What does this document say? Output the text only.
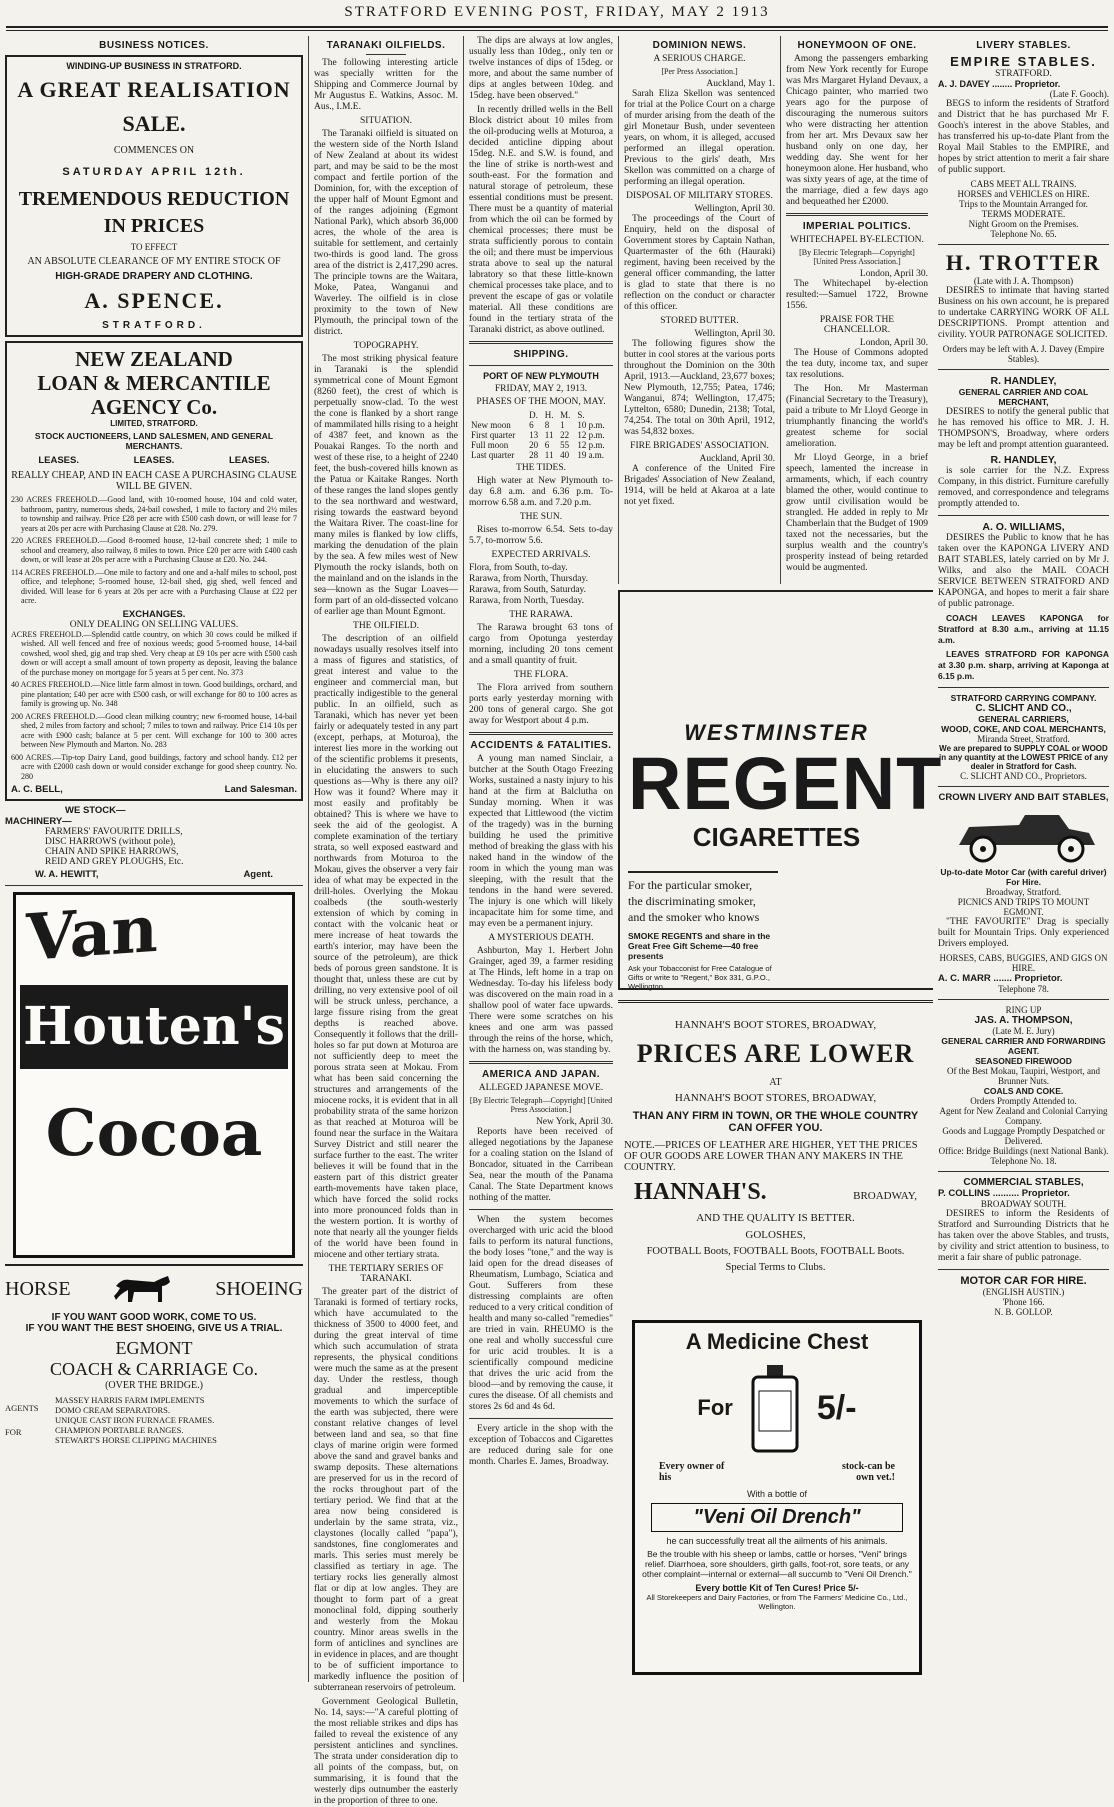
STRATFORD EVENING POST, FRIDAY, MAY 2 1913
BUSINESS NOTICES.
WINDING-UP BUSINESS IN STRATFORD.
A GREAT REALISATION
SALE.
COMMENCES ON
SATURDAY APRIL 12th.
TREMENDOUS REDUCTION
IN PRICES
TO EFFECT
AN ABSOLUTE CLEARANCE OF MY ENTIRE STOCK OF
HIGH-GRADE DRAPERY AND CLOTHING.
A. SPENCE.
STRATFORD.
NEW ZEALAND
LOAN & MERCANTILE
AGENCY Co.
LIMITED, STRATFORD.
STOCK AUCTIONEERS, LAND SALESMEN, AND GENERAL MERCHANTS.
LEASES.	LEASES.	LEASES.
REALLY CHEAP, AND IN EACH CASE A PURCHASING CLAUSE WILL BE GIVEN.

230 ACRES FREEHOLD.—Good land, with 10-roomed house, 104 and cold water, bathroom, pantry, numerous sheds, 24-bail cowshed, 1 mile to factory and 2½ miles to township and railway. Price £28 per acre with £500 cash down, or will lease for 7 years at 20s per acre with Purchasing Clause at £28. No. 279.

220 ACRES FREEHOLD.—Good 8-roomed house, 12-bail concrete shed; 1 mile to school and creamery, also railway, 8 miles to town. Price £20 per acre with £400 cash down, or will lease at 20s per acre with a Purchasing Clause at £20. No. 244.

114 ACRES FREEHOLD.—One mile to factory and one and a-half miles to school, post office, and telephone; 5-roomed house, 12-bail shed, gig shed, well fenced and divided. Will lease for 6 years at 20s per acre with a Purchasing Clause at £22 per acre.

EXCHANGES.
ONLY DEALING ON SELLING VALUES.

ACRES FREEHOLD.—Splendid cattle country, on which 30 cows could be milked if wished. All well fenced and free of noxious weeds; good 5-roomed house, 14-bail cowshed, wool shed, gig and trap shed. Very cheap at £9 10s per acre with £500 cash down or will accept a small amount of town property as deposit, leaving the balance of the purchase money on mortgage for 5 years at 5 per cent. No. 373

40 ACRES FREEHOLD.—Nice little farm almost in town. Good buildings, orchard, and pine plantation; £40 per acre with £500 cash, or will exchange for 80 to 100 acres as family is growing up. No. 348

200 ACRES FREEHOLD.—Good clean milking country; new 6-roomed house, 14-bail shed, 2 miles from factory and school; 7 miles to town and railway. Price £14 10s per acre with £900 cash; balance at 5 per cent. Will exchange for 100 to 300 acres between New Plymouth and Marton. No. 283

600 ACRES.—Tip-top Dairy Land, good buildings, factory and school handy. £12 per acre with £2000 cash down or would consider exchange for good sheep country. No. 280

A. C. BELL,	Land Salesman.
WE STOCK—
MACHINERY—
FARMERS' FAVOURITE DRILLS,
DISC HARROWS (without pole),
CHAIN AND SPIKE HARROWS,
REID AND GREY PLOUGHS, Etc.
W. A. HEWITT,	Agent.
Van
Houten's
Cocoa
HORSE	SHOEING
IF YOU WANT GOOD WORK, COME TO US.
IF YOU WANT THE BEST SHOEING, GIVE US A TRIAL.
EGMONT
COACH & CARRIAGE Co.
(OVER THE BRIDGE.)
AGENTS
FOR
MASSEY HARRIS FARM IMPLEMENTS
DOMO CREAM SEPARATORS.
UNIQUE CAST IRON FURNACE FRAMES.
CHAMPION PORTABLE RANGES.
STEWART'S HORSE CLIPPING MACHINES
TARANAKI OILFIELDS.

The following interesting article was specially written for the Shipping and Commerce Journal by Mr Augustus E. Watkins, Assoc. M. Aus., I.M.E.

SITUATION.

The Taranaki oilfield is situated on the western side of the North Island of New Zealand at about its widest part, and may be said to be the most compact and fertile portion of the Dominion, for, with the exception of the upper half of Mount Egmont and of the ranges adjoining (Egmont National Park), which absorb 36,000 acres, the whole of the area is suitable for settlement, and certainly two-thirds is good land. The gross area of the district is 2,417,290 acres. The principle towns are the Waitara, Moke, Patea, Wanganui and Waverley. The oilfield is in close proximity to the town of New Plymouth, the principal town of the district.

TOPOGRAPHY.

The most striking physical feature in Taranaki is the splendid symmetrical cone of Mount Egmont (8260 feet), the crest of which is perpetually snow-clad. To the west the cone is flanked by a short range of mammilated hills rising to a height of 4387 feet, and known as the Pouakai Ranges. To the north and west of these rise, to a height of 2240 feet, the bush-covered hills known as the Patua or Kaitake Ranges. North of these ranges the land slopes gently to the sea northward and westward, rising towards the eastward beyond the Waitara River. The coast-line for many miles is flanked by low cliffs, marking the denudation of the plain by the sea. A few miles west of New Plymouth the rocky islands, both on the mainland and on the islands in the sea—known as the Sugar Loaves—form part of an old-dissected volcano of earlier age than Mount Egmont.

THE OILFIELD.

The description of an oilfield nowadays usually resolves itself into a mass of figures and statistics, of great interest and value to the engineer and commercial man, but practically indigestible to the general public. In an oilfield, such as Taranaki, which has never yet been fairly or adequately tested in any part (except, perhaps, at Moturoa), the interest lies more in the working out of the scientific problems it presents, in elucidating the answers to such questions as—Why is there any oil? How was it found? Where may it most easily and profitably be obtained? This is where we have to seek the aid of the geologist. A complete examination of the tertiary strata, so well exposed eastward and northwards from Moturoa to the Mokau, gives the observer a very fair idea of what may be expected in the drill-holes. Overlying the Mokau coalbeds (the south-westerly extension of which by coming in contact with the volcanic heat or mere increase of heat towards the earth's interior, may have been the source of the petroleum), are thick beds of porous green sandstone. It is thought that, unless these are cut by drilling, no very extensive pool of oil will be struck unless, perchance, a large fissure rising from the great depths is reached above. Consequently it follows that the drill-holes so far put down at Moturoa are not sufficiently deep to meet the porous strata seen at Mokau. From what has been said concerning the structures and arrangements of the miocene rocks, it is evident that in all probability strata of the same horizon as that reached at Moturoa will be found near the surface in the Waitara Survey District and still nearer the surface further to the east. The writer believes it will be found that in the eastern part of this district greater earth-movements have taken place, which have forced the solid rocks into more pronounced folds than in the western portion. It is worthy of note that nearly all the younger fields of the world have been found in miocene and other tertiary strata.

THE TERTIARY SERIES OF TARANAKI.

The greater part of the district of Taranaki is formed of tertiary rocks, which have accumulated to the thickness of 3500 to 4000 feet, and during the great interval of time which such accumulation of strata represents, the physical conditions were much the same as at the present day. Under the restless, though gradual and imperceptible movements to which the surface of the earth was subjected, there were constant relative changes of level between land and sea, so that fine clays of marine origin were formed above the sand and gravel banks and swamp deposits. These alternations are preserved for us in the record of the rocks throughout part of the tertiary period. We find that at the area now being considered is underlain by the same strata, viz., claystones (locally called "papa"), sandstones, fine conglomerates and marls. This series must merely be classified as tertiary in age. The tertiary rocks lies generally almost flat or dip at low angles. They are thought to form part of a great monoclinal fold, dipping southerly and westerly from the Mokau country. Minor areas swells in the form of anticlines and synclines are in evidence in places, and are thought to be of sufficient importance to markedly influence the position of subterranean reservoirs of petroleum.

Government Geological Bulletin, No. 14, says:—"A careful plotting of the most reliable strikes and dips has failed to reveal the existence of any persistent anticlines and synclines. The strata under consideration dip to all points of the compass, but, on summarising, it is found that the westerly dips outnumber the easterly in the proportion of three to one.

The dips are always at low angles, usually less than 10deg., only ten or twelve instances of dips of 15deg. or more, and about the same number of dips at angles between 10deg. and 15deg. have been observed."

In recently drilled wells in the Bell Block district about 10 miles from the oil-producing wells at Moturoa, a decided anticline dipping about 15deg. N.E. and S.W. is found, and the line of strike is north-west and south-east. For the formation and natural storage of petroleum, these essential conditions must be present. There must be a quantity of material from which the oil can be formed by chemical processes; there must be strata sufficiently porous to contain the oil; and there must be impervious strata above to seal up the natural labratory so that these little-known chemical processes take place, and to prevent the escape of gas or volatile material. All these conditions are found in the tertiary strata of the Taranaki district, as above outlined.

SHIPPING.
PORT OF NEW PLYMOUTH
FRIDAY, MAY 2, 1913.
PHASES OF THE MOON, MAY.
	D.	H.	M.	S.
New moon	6	8	1	10 p.m.
First quarter	13	11	22	12 p.m.
Full moon	20	6	55	12 p.m.
Last quarter	28	11	40	19 a.m.
THE TIDES.

High water at New Plymouth to-day 6.8 a.m. and 6.36 p.m. To-morrow 6.58 a.m. and 7.20 p.m.

THE SUN.

Rises to-morrow 6.54. Sets to-day 5.7, to-morrow 5.6.

EXPECTED ARRIVALS.
Flora, from South, to-day.
Rarawa, from North, Thursday.
Rarawa, from South, Saturday.
Rarawa, from North, Tuesday.
THE RARAWA.

The Rarawa brought 63 tons of cargo from Opotunga yesterday morning, including 20 tons cement and a small quantity of fruit.

THE FLORA.

The Flora arrived from southern ports early yesterday morning with 200 tons of general cargo. She got away for Westport about 4 p.m.

ACCIDENTS & FATALITIES.

A young man named Sinclair, a butcher at the South Otago Freezing Works, sustained a nasty injury to his hand at the firm at Balclutha on Sunday morning. When it was expected that Littlewood (the victim of the tragedy) was in the burning building he used the primitive method of breaking the glass with his naked hand in the window of the room in which the young man was sleeping, with the result that the tendons in the hand were severed. The injury is one which will likely incapacitate him for some time, and may even be a permanent injury.

A MYSTERIOUS DEATH.

Ashburton, May 1. Herbert John Grainger, aged 39, a farmer residing at The Hinds, left home in a trap on Wednesday. To-day his lifeless body was discovered on the main road in a shallow pool of water face upwards. There were some scratches on his knees and one arm was passed through the reins of the horse, which, with the harness on, was standing by.

AMERICA AND JAPAN.
ALLEGED JAPANESE MOVE.
[By Electric Telegraph—Copyright] [United Press Association.]
New York, April 30.

Reports have been received of alleged negotiations by the Japanese for a coaling station on the Island of Boncador, situated in the Carribean Sea, near the mouth of the Panama Canal. The State Department knows nothing of the matter.

When the system becomes overcharged with uric acid the blood fails to perform its natural functions, the body loses "tone," and the way is laid open for the dread diseases of Rheumatism, Lumbago, Sciatica and Gout. Sufferers from these distressing complaints are often reduced to a very critical condition of health and many so-called "remedies" are tried in vain. RHEUMO is the one real and wholly successful cure for uric acid troubles. It is a scientifically compound medicine that drives the uric acid from the blood—and by removing the cause, it cures the disease. Of all chemists and stores 2s 6d and 4s 6d.

Every article in the shop with the exception of Tobaccos and Cigarettes are reduced during sale for one month. Charles E. James, Broadway.

DOMINION NEWS.
A SERIOUS CHARGE.
[Per Press Association.]
Auckland, May 1.

Sarah Eliza Skellon was sentenced for trial at the Police Court on a charge of murder arising from the death of the girl Monetaur Bush, under seventeen years, on whom, it is alleged, accused performed an illegal operation. Previous to the girls' death, Mrs Skellon was committed on a charge of performing an illegal operation.

DISPOSAL OF MILITARY STORES.
Wellington, April 30.

The proceedings of the Court of Enquiry, held on the disposal of Government stores by Captain Nathan, Quartermaster of the 6th (Hauraki) regiment, having been received by the general officer commanding, the latter is glad to state that there is no reflection on the conduct or character of this officer.

STORED BUTTER.
Wellington, April 30.

The following figures show the butter in cool stores at the various ports throughout the Dominion on the 30th April, 1913.—Auckland, 23,677 boxes; New Plymouth, 12,755; Patea, 1746; Wanganui, 874; Wellington, 17,475; Lyttelton, 6580; Dunedin, 2138; Total, 74,254. The total on 30th April, 1912, was 54,832 boxes.

FIRE BRIGADES' ASSOCIATION.
Auckland, April 30.

A conference of the United Fire Brigades' Association of New Zealand, 1914, will be held at Akaroa at a late not yet fixed.

HONEYMOON OF ONE.

Among the passengers embarking from New York recently for Europe was Mrs Margaret Hyland Devaux, a Chicago painter, who married two years ago for the purpose of discouraging the numerous suitors who were distracting her attention from her art. Mrs Devaux saw her husband only on one day, her wedding day. She went for her honeymoon alone. Her husband, who was sixty years of age, at the time of the marriage, died a few days ago and bequeathed her £2000.

IMPERIAL POLITICS.
WHITECHAPEL BY-ELECTION.
[By Electric Telegraph—Copyright] [United Press Association.]
London, April 30.

The Whitechapel by-election resulted:—Samuel 1722, Browne 1556.

PRAISE FOR THE CHANCELLOR.
London, April 30.

The House of Commons adopted the tea duty, income tax, and super tax resolutions.

The Hon. Mr Masterman (Financial Secretary to the Treasury), paid a tribute to Mr Lloyd George in triumphantly financing the world's greatest scheme for social amelioration.

Mr Lloyd George, in a brief speech, lamented the increase in armaments, which, if each country blamed the other, would continue to grow until civilisation would be strangled. He added in reply to Mr Chamberlain that the Budget of 1909 taxed not the necessaries, but the surplus wealth and the country's prosperity instead of being retarded would be augmented.

WESTMINSTER
REGENT
CIGARETTES
For the particular smoker,
the discriminating smoker,
and the smoker who knows
SMOKE REGENTS and share in the Great Free Gift Scheme—40 free presents
Ask your Tobacconist for Free Catalogue of Gifts or write to "Regent," Box 331, G.P.O., Wellington.
HANNAH'S BOOT STORES, BROADWAY,
PRICES ARE LOWER
AT
HANNAH'S BOOT STORES, BROADWAY,
THAN ANY FIRM IN TOWN, OR THE WHOLE COUNTRY CAN OFFER YOU.
NOTE.—PRICES OF LEATHER ARE HIGHER, YET THE PRICES OF OUR GOODS ARE LOWER THAN ANY MAKERS IN THE COUNTRY.
HANNAH'S.	BROADWAY,
AND THE QUALITY IS BETTER.
GOLOSHES,
FOOTBALL Boots, FOOTBALL Boots, FOOTBALL Boots.
Special Terms to Clubs.
A Medicine Chest
For 5/-
Every owner of his
stock-can be own vet.!
With a bottle of
"Veni Oil Drench"
he can successfully treat all the ailments of his animals.
Be the trouble with his sheep or lambs, cattle or horses, "Veni" brings relief. Diarrhoea, sore shoulders, girth galls, foot-rot, sore teats, or any other complaint—internal or external—all succumb to "Veni Oil Drench."
Every bottle Kit of Ten Cures! Price 5/-
All Storekeepers and Dairy Factories, or from The Farmers' Medicine Co., Ltd., Wellington.
LIVERY STABLES.
EMPIRE STABLES.
STRATFORD.
A. J. DAVEY ........ Proprietor.
(Late F. Gooch).

BEGS to inform the residents of Stratford and District that he has purchased Mr F. Gooch's interest in the above Stables, and has transferred his up-to-date Plant from the Royal Mail Stables to the EMPIRE, and hopes by strict attention to merit a fair share of public support.

CABS MEET ALL TRAINS.
HORSES and VEHICLES on HIRE.
Trips to the Mountain Arranged for.
TERMS MODERATE.
Night Groom on the Premises.
Telephone No. 65.
H. TROTTER
(Late with J. A. Thompson)

DESIRES to intimate that having started Business on his own account, he is prepared to undertake CARRYING WORK OF ALL DESCRIPTIONS. Prompt attention and civility. YOUR PATRONAGE SOLICITED.

Orders may be left with A. J. Davey (Empire Stables).
R. HANDLEY,
GENERAL CARRIER AND COAL MERCHANT,

DESIRES to notify the general public that he has removed his office to MR. J. H. THOMPSON'S, Broadway, where orders may be left and prompt attention guaranteed.

R. HANDLEY,

is sole carrier for the N.Z. Express Company, in this district. Furniture carefully removed, and correspondence and telegrams promptly attended to.

A. O. WILLIAMS,

DESIRES the Public to know that he has taken over the KAPONGA LIVERY AND BAIT STABLES, lately carried on by Mr J. Wilks, and also the MAIL COACH SERVICE BETWEEN STRATFORD AND KAPONGA, and hopes to merit a fair share of public patronage.

COACH LEAVES KAPONGA for Stratford at 8.30 a.m., arriving at 11.15 a.m.

LEAVES STRATFORD FOR KAPONGA at 3.30 p.m. sharp, arriving at Kaponga at 6.15 p.m.

STRATFORD CARRYING COMPANY.
C. SLICHT AND CO.,
GENERAL CARRIERS,
WOOD, COKE, AND COAL MERCHANTS,
Miranda Street, Stratford.
We are prepared to SUPPLY COAL or WOOD in any quantity at the LOWEST PRICE of any dealer in Stratford for Cash.
C. SLICHT AND CO., Proprietors.
CROWN LIVERY AND BAIT STABLES,
Up-to-date Motor Car (with careful driver) For Hire.
Broadway, Stratford.
PICNICS AND TRIPS TO MOUNT EGMONT.

"THE FAVOURITE" Drag is specially built for Mountain Trips. Only experienced Drivers employed.

HORSES, CABS, BUGGIES, AND GIGS ON HIRE.
A. C. MARR ....... Proprietor.
Telephone 78.
RING UP
JAS. A. THOMPSON,
(Late M. E. Jury)
GENERAL CARRIER AND FORWARDING AGENT.
SEASONED FIREWOOD
Of the Best Mokau, Taupiri, Westport, and Brunner Nuts.
COALS AND COKE.
Orders Promptly Attended to.
Agent for New Zealand and Colonial Carrying Company.
Goods and Luggage Promptly Despatched or Delivered.
Office: Bridge Buildings (next National Bank).
Telephone No. 18.
COMMERCIAL STABLES,
P. COLLINS .......... Proprietor.
BROADWAY SOUTH.

DESIRES to inform the Residents of Stratford and Surrounding Districts that he has taken over the above Stables, and trusts, by civility and strict attention to business, to merit a fair share of public patronage.

MOTOR CAR FOR HIRE.
(ENGLISH AUSTIN.)
'Phone 166.
N. B. GOLLOP.
